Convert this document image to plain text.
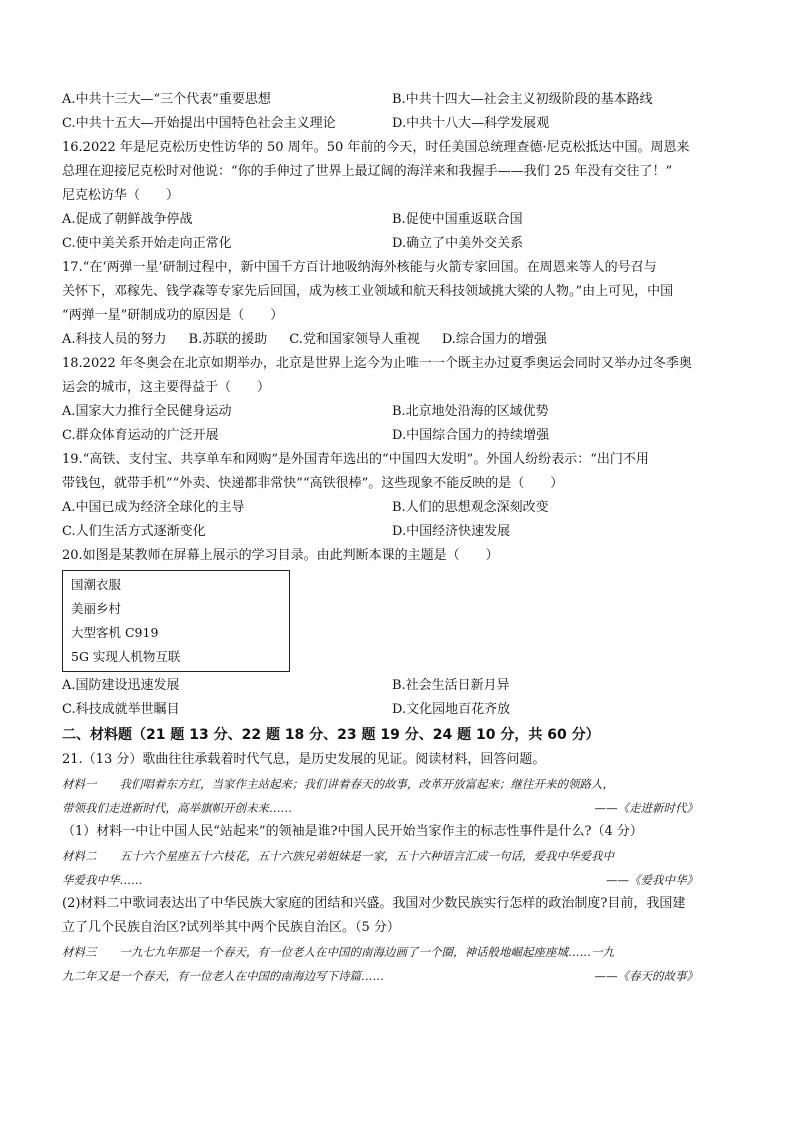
A.中共十三大—“三个代表”重要思想	B.中共十四大—社会主义初级阶段的基本路线
C.中共十五大—开始提出中国特色社会主义理论	D.中共十八大—科学发展观
16.2022 年是尼克松历史性访华的 50 周年。50 年前的今天，时任美国总统理查德·尼克松抵达中国。周恩来
总理在迎接尼克松时对他说：“你的手伸过了世界上最辽阔的海洋来和我握手——我们 25 年没有交往了！”
尼克松访华（　　）
A.促成了朝鲜战争停战	B.促使中国重返联合国
C.使中美关系开始走向正常化	D.确立了中美外交关系
17.“在‘两弹一星’研制过程中，新中国千方百计地吸纳海外核能与火箭专家回国。在周恩来等人的号召与
关怀下，邓稼先、钱学森等专家先后回国，成为核工业领域和航天科技领域挑大梁的人物。”由上可见，中国
“两弹一星”研制成功的原因是（　　）
A.科技人员的努力 B.苏联的援助 C.党和国家领导人重视 D.综合国力的增强
18.2022 年冬奥会在北京如期举办，北京是世界上迄今为止唯一一个既主办过夏季奥运会同时又举办过冬季奥
运会的城市，这主要得益于（　　）
A.国家大力推行全民健身运动	B.北京地处沿海的区域优势
C.群众体育运动的广泛开展	D.中国综合国力的持续增强
19.“高铁、支付宝、共享单车和网购”是外国青年选出的“中国四大发明”。外国人纷纷表示：“出门不用
带钱包，就带手机”“外卖、快递都非常快”“高铁很棒”。这些现象不能反映的是（　　）
A.中国已成为经济全球化的主导	B.人们的思想观念深刻改变
C.人们生活方式逐渐变化	D.中国经济快速发展
20.如图是某教师在屏幕上展示的学习目录。由此判断本课的主题是（　　）
国潮衣服
美丽乡村
大型客机 C919
5G 实现人机物互联
A.国防建设迅速发展	B.社会生活日新月异
C.科技成就举世瞩目	D.文化园地百花齐放
二、材料题（21 题 13 分、22 题 18 分、23 题 19 分、24 题 10 分，共 60 分）
21.（13 分）歌曲往往承载着时代气息，是历史发展的见证。阅读材料，回答问题。
材料一　　我们唱着东方红，当家作主站起来；我们讲着春天的故事，改革开放富起来；继往开来的领路人，
带领我们走进新时代，高举旗帜开创未来……	——《走进新时代》
（1）材料一中让中国人民“站起来”的领袖是谁?中国人民开始当家作主的标志性事件是什么?（4 分）
材料二　　五十六个星座五十六枝花，五十六族兄弟姐妹是一家，五十六种语言汇成一句话，爱我中华爱我中
华爱我中华……	——《爱我中华》
(2)材料二中歌词表达出了中华民族大家庭的团结和兴盛。我国对少数民族实行怎样的政治制度?目前，我国建
立了几个民族自治区?试列举其中两个民族自治区。（5 分）
材料三　　一九七九年那是一个春天，有一位老人在中国的南海边画了一个圈，神话般地崛起座座城……一九
九二年又是一个春天，有一位老人在中国的南海边写下诗篇……	——《春天的故事》
